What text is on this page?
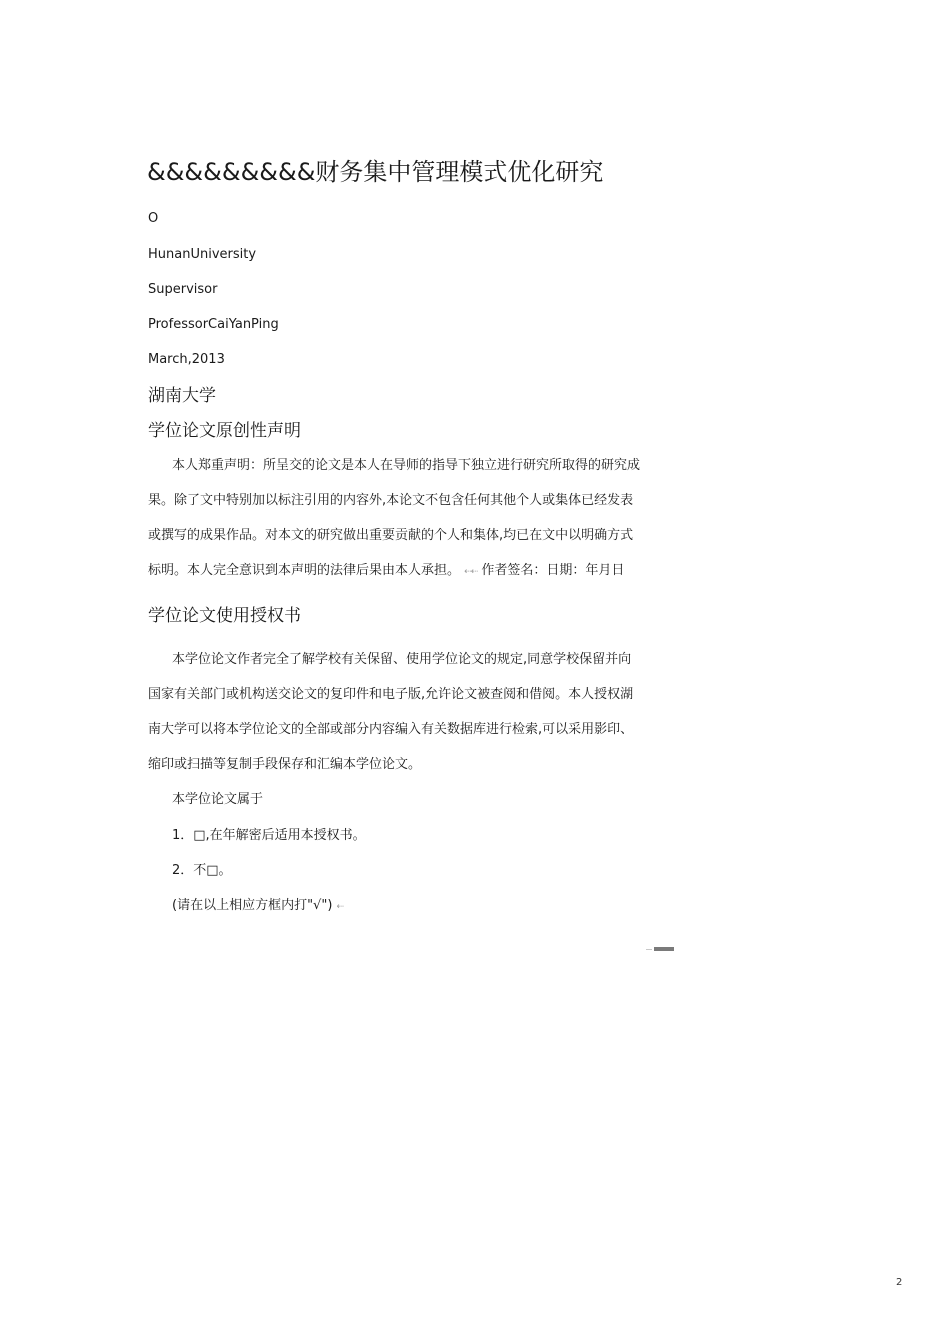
&&&&&&&&&财务集中管理模式优化研究
O
HunanUniversity
Supervisor
ProfessorCaiYanPing
March,2013
湖南大学
学位论文原创性声明
本人郑重声明：所呈交的论文是本人在导师的指导下独立进行研究所取得的研究成
果。除了文中特别加以标注引用的内容外,本论文不包含任何其他个人或集体已经发表
或撰写的成果作品。对本文的研究做出重要贡献的个人和集体,均已在文中以明确方式
标明。本人完全意识到本声明的法律后果由本人承担。 ⇠⇠ 作者签名：日期：年月日
学位论文使用授权书
本学位论文作者完全了解学校有关保留、使用学位论文的规定,同意学校保留并向
国家有关部门或机构送交论文的复印件和电子版,允许论文被查阅和借阅。本人授权湖
南大学可以将本学位论文的全部或部分内容编入有关数据库进行检索,可以采用影印、
缩印或扫描等复制手段保存和汇编本学位论文。
本学位论文属于
1．□,在年解密后适用本授权书。
2．不□。
(请在以上相应方框内打"√") ⇠
2
